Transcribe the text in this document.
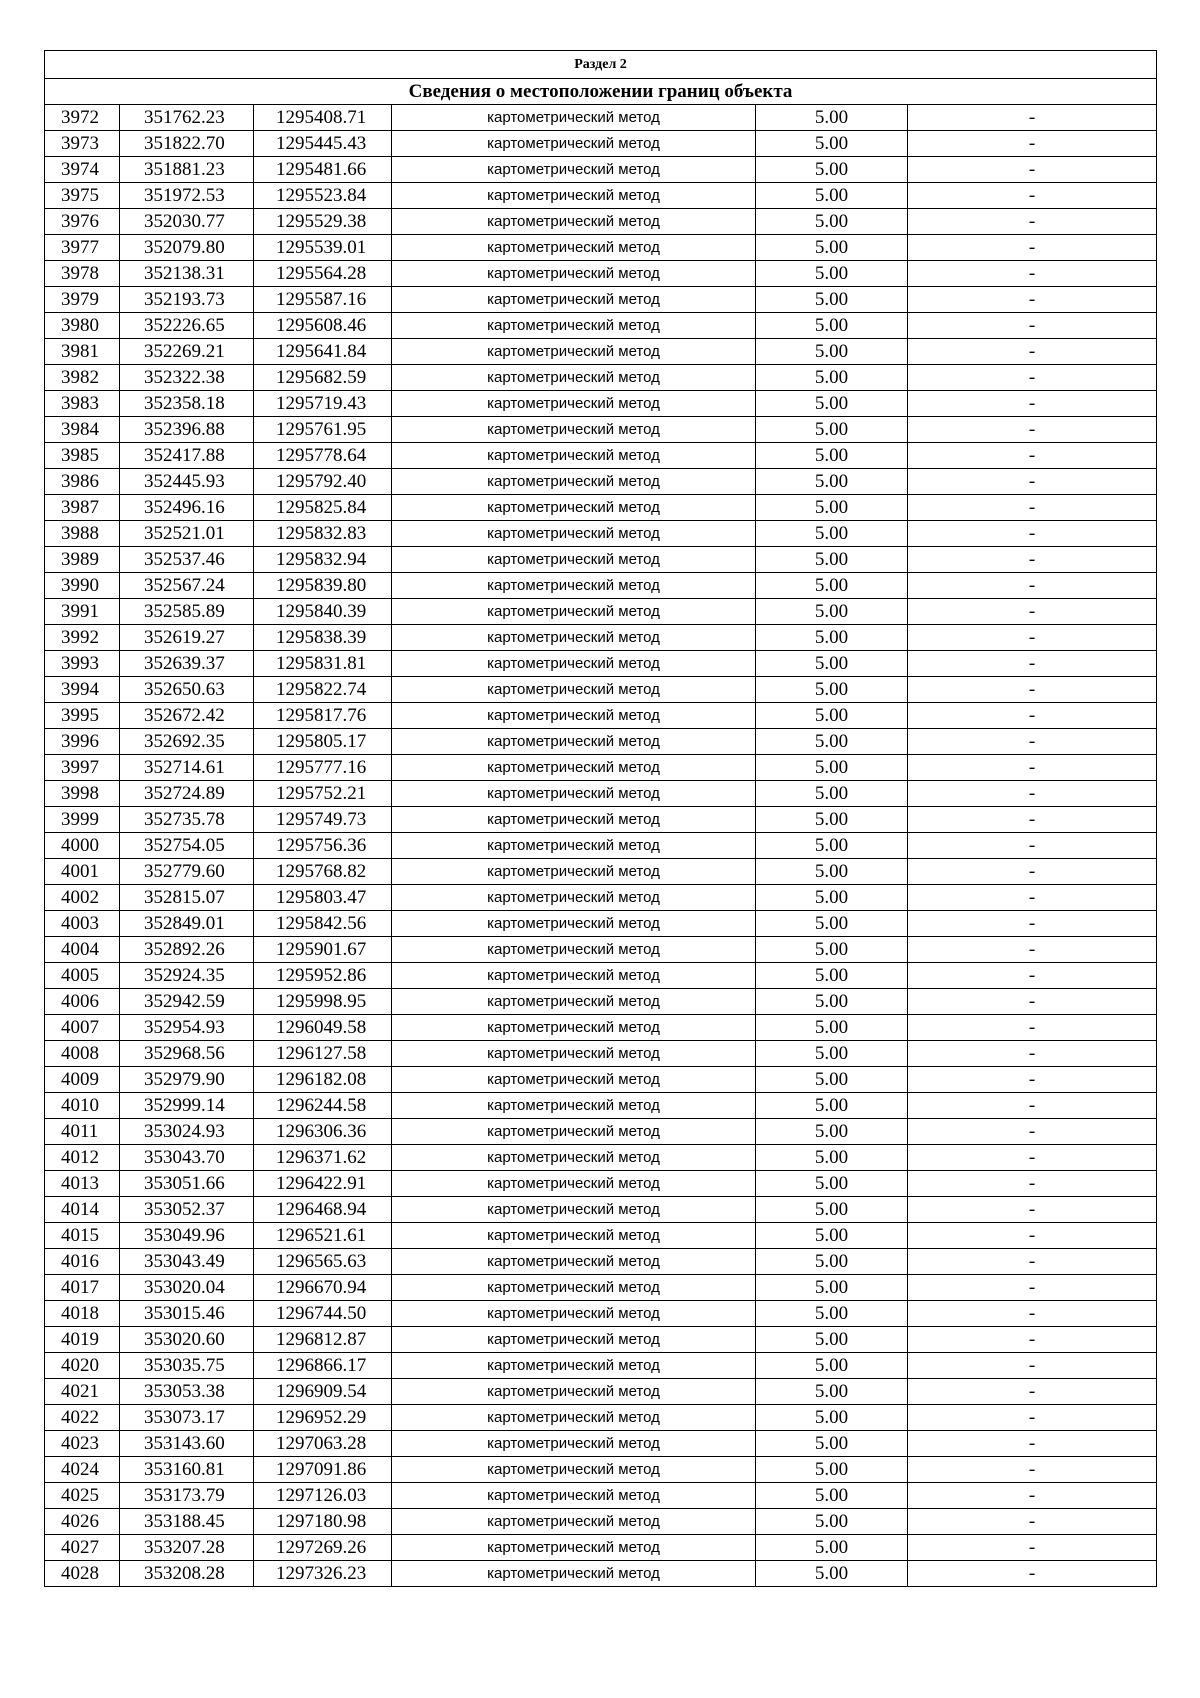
Раздел 2					
Сведения о местоположении границ объекта					
3972	351762.23	1295408.71	картометрический метод	5.00	-
3973	351822.70	1295445.43	картометрический метод	5.00	-
3974	351881.23	1295481.66	картометрический метод	5.00	-
3975	351972.53	1295523.84	картометрический метод	5.00	-
3976	352030.77	1295529.38	картометрический метод	5.00	-
3977	352079.80	1295539.01	картометрический метод	5.00	-
3978	352138.31	1295564.28	картометрический метод	5.00	-
3979	352193.73	1295587.16	картометрический метод	5.00	-
3980	352226.65	1295608.46	картометрический метод	5.00	-
3981	352269.21	1295641.84	картометрический метод	5.00	-
3982	352322.38	1295682.59	картометрический метод	5.00	-
3983	352358.18	1295719.43	картометрический метод	5.00	-
3984	352396.88	1295761.95	картометрический метод	5.00	-
3985	352417.88	1295778.64	картометрический метод	5.00	-
3986	352445.93	1295792.40	картометрический метод	5.00	-
3987	352496.16	1295825.84	картометрический метод	5.00	-
3988	352521.01	1295832.83	картометрический метод	5.00	-
3989	352537.46	1295832.94	картометрический метод	5.00	-
3990	352567.24	1295839.80	картометрический метод	5.00	-
3991	352585.89	1295840.39	картометрический метод	5.00	-
3992	352619.27	1295838.39	картометрический метод	5.00	-
3993	352639.37	1295831.81	картометрический метод	5.00	-
3994	352650.63	1295822.74	картометрический метод	5.00	-
3995	352672.42	1295817.76	картометрический метод	5.00	-
3996	352692.35	1295805.17	картометрический метод	5.00	-
3997	352714.61	1295777.16	картометрический метод	5.00	-
3998	352724.89	1295752.21	картометрический метод	5.00	-
3999	352735.78	1295749.73	картометрический метод	5.00	-
4000	352754.05	1295756.36	картометрический метод	5.00	-
4001	352779.60	1295768.82	картометрический метод	5.00	-
4002	352815.07	1295803.47	картометрический метод	5.00	-
4003	352849.01	1295842.56	картометрический метод	5.00	-
4004	352892.26	1295901.67	картометрический метод	5.00	-
4005	352924.35	1295952.86	картометрический метод	5.00	-
4006	352942.59	1295998.95	картометрический метод	5.00	-
4007	352954.93	1296049.58	картометрический метод	5.00	-
4008	352968.56	1296127.58	картометрический метод	5.00	-
4009	352979.90	1296182.08	картометрический метод	5.00	-
4010	352999.14	1296244.58	картометрический метод	5.00	-
4011	353024.93	1296306.36	картометрический метод	5.00	-
4012	353043.70	1296371.62	картометрический метод	5.00	-
4013	353051.66	1296422.91	картометрический метод	5.00	-
4014	353052.37	1296468.94	картометрический метод	5.00	-
4015	353049.96	1296521.61	картометрический метод	5.00	-
4016	353043.49	1296565.63	картометрический метод	5.00	-
4017	353020.04	1296670.94	картометрический метод	5.00	-
4018	353015.46	1296744.50	картометрический метод	5.00	-
4019	353020.60	1296812.87	картометрический метод	5.00	-
4020	353035.75	1296866.17	картометрический метод	5.00	-
4021	353053.38	1296909.54	картометрический метод	5.00	-
4022	353073.17	1296952.29	картометрический метод	5.00	-
4023	353143.60	1297063.28	картометрический метод	5.00	-
4024	353160.81	1297091.86	картометрический метод	5.00	-
4025	353173.79	1297126.03	картометрический метод	5.00	-
4026	353188.45	1297180.98	картометрический метод	5.00	-
4027	353207.28	1297269.26	картометрический метод	5.00	-
4028	353208.28	1297326.23	картометрический метод	5.00	-
